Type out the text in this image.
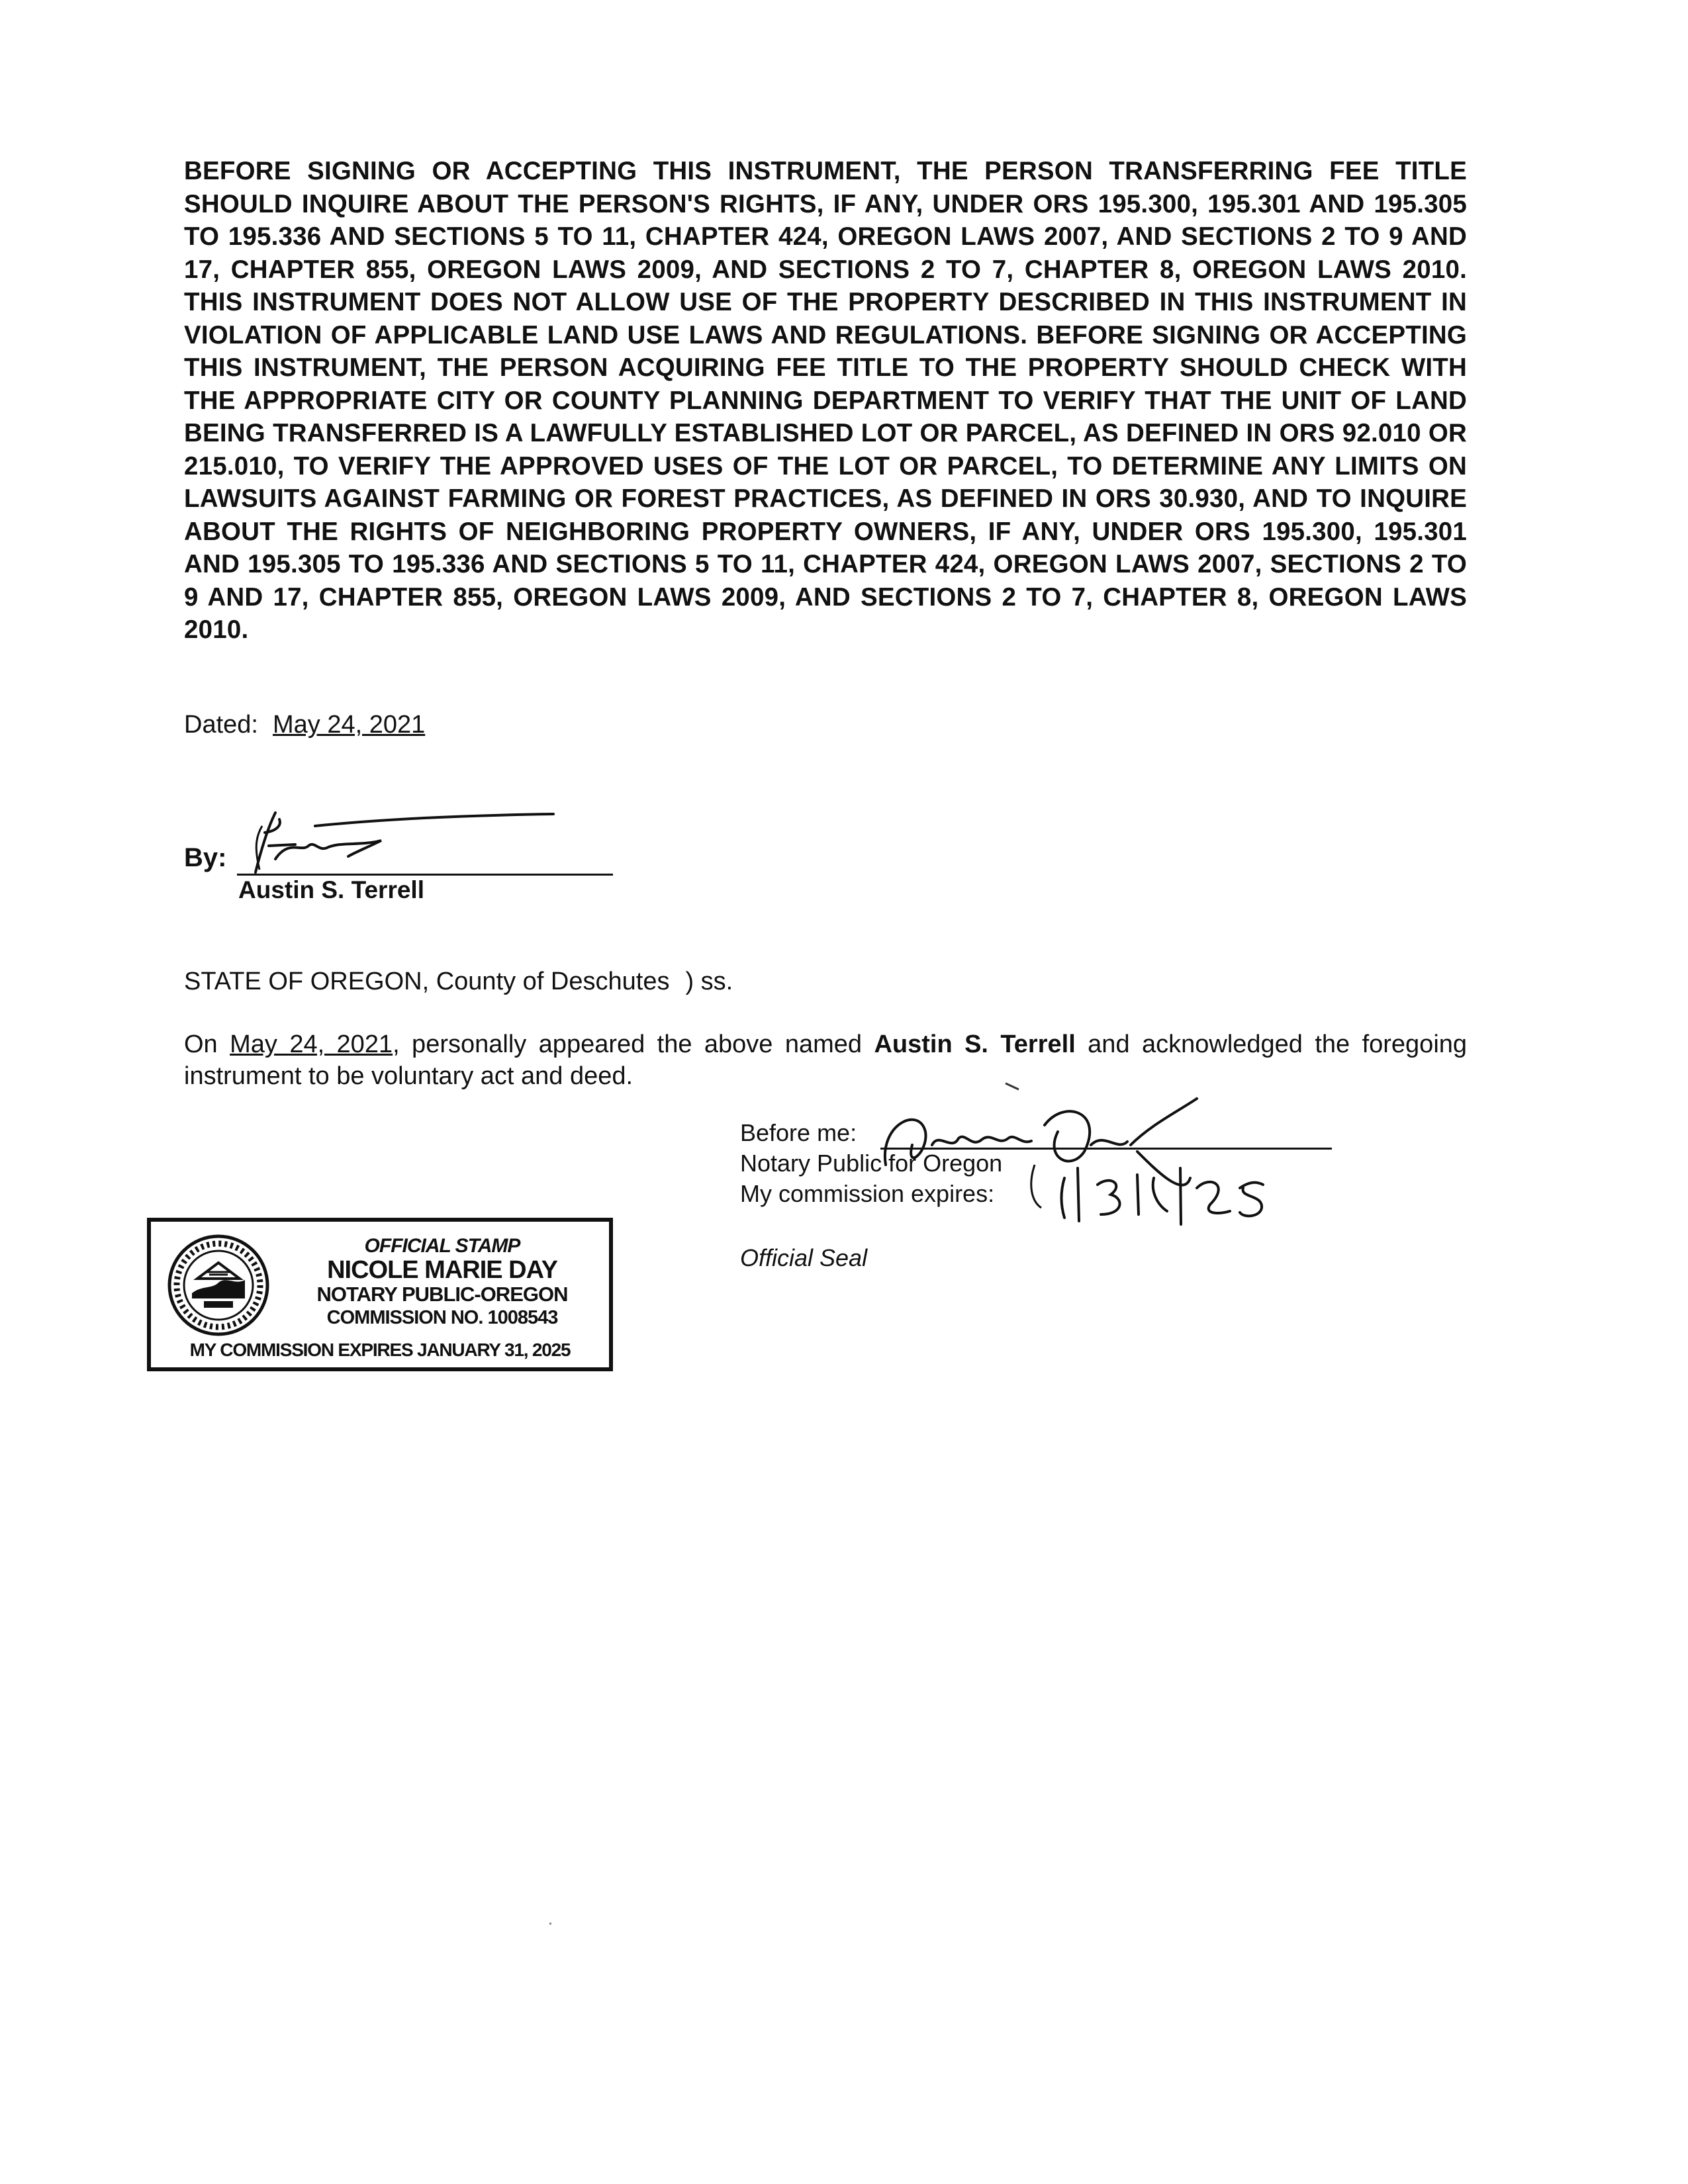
BEFORE SIGNING OR ACCEPTING THIS INSTRUMENT, THE PERSON TRANSFERRING FEE TITLE SHOULD INQUIRE ABOUT THE PERSON'S RIGHTS, IF ANY, UNDER ORS 195.300, 195.301 AND 195.305 TO 195.336 AND SECTIONS 5 TO 11, CHAPTER 424, OREGON LAWS 2007, AND SECTIONS 2 TO 9 AND 17, CHAPTER 855, OREGON LAWS 2009, AND SECTIONS 2 TO 7, CHAPTER 8, OREGON LAWS 2010. THIS INSTRUMENT DOES NOT ALLOW USE OF THE PROPERTY DESCRIBED IN THIS INSTRUMENT IN VIOLATION OF APPLICABLE LAND USE LAWS AND REGULATIONS. BEFORE SIGNING OR ACCEPTING THIS INSTRUMENT, THE PERSON ACQUIRING FEE TITLE TO THE PROPERTY SHOULD CHECK WITH THE APPROPRIATE CITY OR COUNTY PLANNING DEPARTMENT TO VERIFY THAT THE UNIT OF LAND BEING TRANSFERRED IS A LAWFULLY ESTABLISHED LOT OR PARCEL, AS DEFINED IN ORS 92.010 OR 215.010, TO VERIFY THE APPROVED USES OF THE LOT OR PARCEL, TO DETERMINE ANY LIMITS ON LAWSUITS AGAINST FARMING OR FOREST PRACTICES, AS DEFINED IN ORS 30.930, AND TO INQUIRE ABOUT THE RIGHTS OF NEIGHBORING PROPERTY OWNERS, IF ANY, UNDER ORS 195.300, 195.301 AND 195.305 TO 195.336 AND SECTIONS 5 TO 11, CHAPTER 424, OREGON LAWS 2007, SECTIONS 2 TO 9 AND 17, CHAPTER 855, OREGON LAWS 2009, AND SECTIONS 2 TO 7, CHAPTER 8, OREGON LAWS 2010.
Dated: May 24, 2021
By:
Austin S. Terrell
STATE OF OREGON, County of Deschutes ) ss.
On May 24, 2021, personally appeared the above named Austin S. Terrell and acknowledged the foregoing instrument to be voluntary act and deed.
Before me:
Notary Public for Oregon
My commission expires:
Official Seal
OFFICIAL STAMP
NICOLE MARIE DAY
NOTARY PUBLIC-OREGON
COMMISSION NO. 1008543
MY COMMISSION EXPIRES JANUARY 31, 2025
